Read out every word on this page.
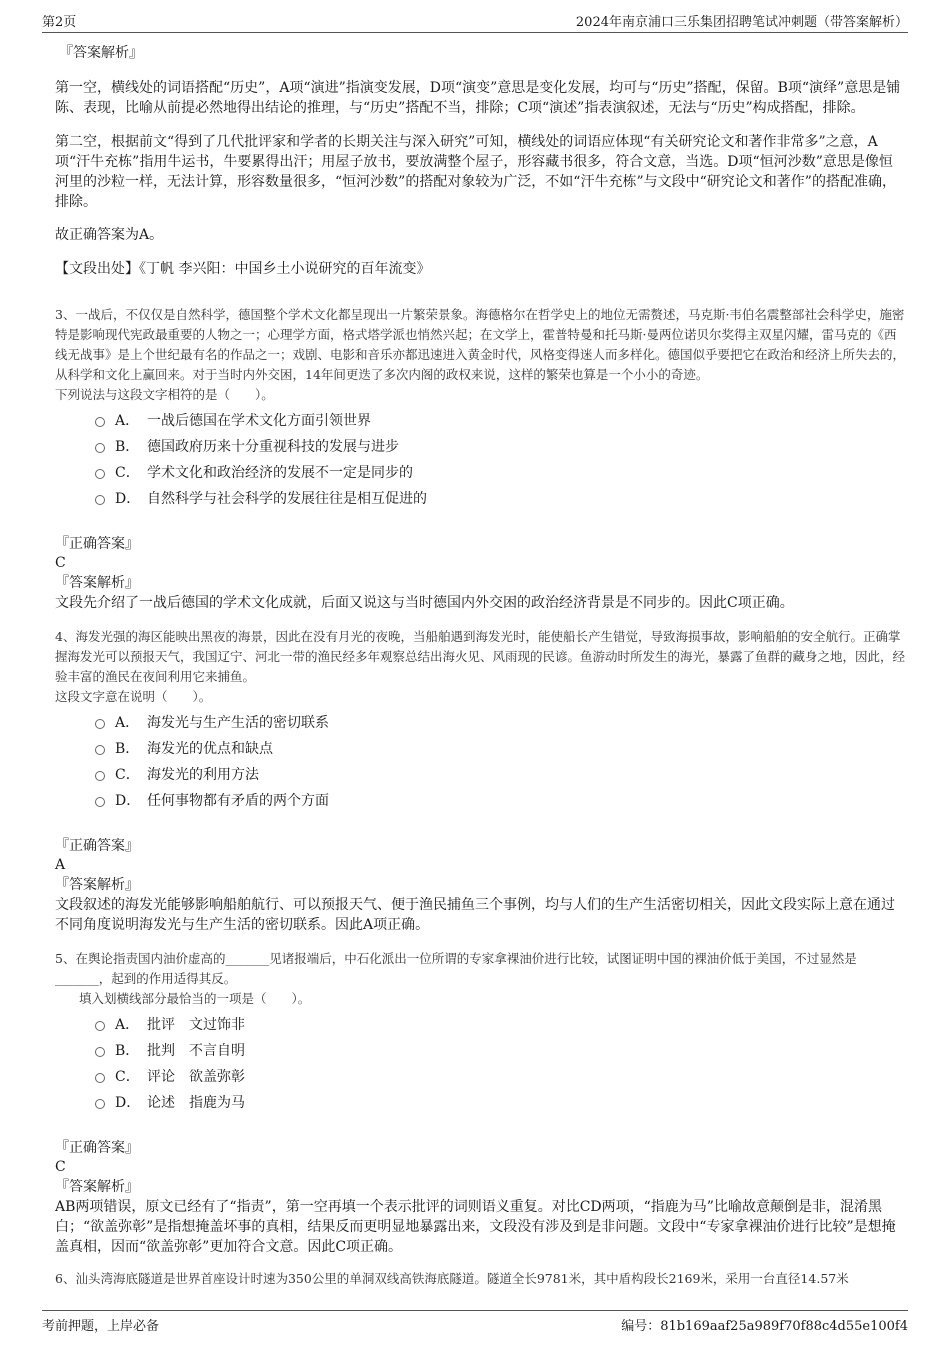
第2页	2024年南京浦口三乐集团招聘笔试冲刺题（带答案解析）

『答案解析』

第一空，横线处的词语搭配“历史”，A项“演进”指演变发展，D项“演变”意思是变化发展，均可与“历史”搭配，保留。B项“演绎”意思是铺陈、表现，比喻从前提必然地得出结论的推理，与“历史”搭配不当，排除；C项“演述”指表演叙述，无法与“历史”构成搭配，排除。

第二空，根据前文“得到了几代批评家和学者的长期关注与深入研究”可知，横线处的词语应体现“有关研究论文和著作非常多”之意，A项“汗牛充栋”指用牛运书，牛要累得出汗；用屋子放书，要放满整个屋子，形容藏书很多，符合文意，当选。D项“恒河沙数”意思是像恒河里的沙粒一样，无法计算，形容数量很多，“恒河沙数”的搭配对象较为广泛，不如“汗牛充栋”与文段中“研究论文和著作”的搭配准确，排除。

故正确答案为A。

【文段出处】《丁帆 李兴阳：中国乡土小说研究的百年流变》

3、一战后，不仅仅是自然科学，德国整个学术文化都呈现出一片繁荣景象。海德格尔在哲学史上的地位无需赘述，马克斯·韦伯名震整部社会科学史，施密特是影响现代宪政最重要的人物之一；心理学方面，格式塔学派也悄然兴起；在文学上，霍普特曼和托马斯·曼两位诺贝尔奖得主双星闪耀，雷马克的《西线无战事》是上个世纪最有名的作品之一；戏剧、电影和音乐亦都迅速进入黄金时代，风格变得迷人而多样化。德国似乎要把它在政治和经济上所失去的，从科学和文化上赢回来。对于当时内外交困，14年间更迭了多次内阁的政权来说，这样的繁荣也算是一个小小的奇迹。

下列说法与这段文字相符的是（　　）。

A． 一战后德国在学术文化方面引领世界
B． 德国政府历来十分重视科技的发展与进步
C． 学术文化和政治经济的发展不一定是同步的
D． 自然科学与社会科学的发展往往是相互促进的

『正确答案』

C

『答案解析』

文段先介绍了一战后德国的学术文化成就，后面又说这与当时德国内外交困的政治经济背景是不同步的。因此C项正确。

4、海发光强的海区能映出黑夜的海景，因此在没有月光的夜晚，当船舶遇到海发光时，能使船长产生错觉，导致海损事故，影响船舶的安全航行。正确掌握海发光可以预报天气，我国辽宁、河北一带的渔民经多年观察总结出海火见、风雨现的民谚。鱼游动时所发生的海光，暴露了鱼群的藏身之地，因此，经验丰富的渔民在夜间利用它来捕鱼。

这段文字意在说明（　　）。

A． 海发光与生产生活的密切联系
B． 海发光的优点和缺点
C． 海发光的利用方法
D． 任何事物都有矛盾的两个方面

『正确答案』

A

『答案解析』

文段叙述的海发光能够影响船舶航行、可以预报天气、便于渔民捕鱼三个事例，均与人们的生产生活密切相关，因此文段实际上意在通过不同角度说明海发光与生产生活的密切联系。因此A项正确。

5、在舆论指责国内油价虚高的_______见诸报端后，中石化派出一位所谓的专家拿裸油价进行比较，试图证明中国的裸油价低于美国，不过显然是_______，起到的作用适得其反。

填入划横线部分最恰当的一项是（　　）。

A． 批评　文过饰非
B． 批判　不言自明
C． 评论　欲盖弥彰
D． 论述　指鹿为马

『正确答案』

C

『答案解析』

AB两项错误，原文已经有了“指责”，第一空再填一个表示批评的词则语义重复。对比CD两项，“指鹿为马”比喻故意颠倒是非，混淆黑白；“欲盖弥彰”是指想掩盖坏事的真相，结果反而更明显地暴露出来，文段没有涉及到是非问题。文段中“专家拿裸油价进行比较”是想掩盖真相，因而“欲盖弥彰”更加符合文意。因此C项正确。

6、汕头湾海底隧道是世界首座设计时速为350公里的单洞双线高铁海底隧道。隧道全长9781米，其中盾构段长2169米，采用一台直径14.57米

考前押题，上岸必备	编号：81b169aaf25a989f70f88c4d55e100f4
